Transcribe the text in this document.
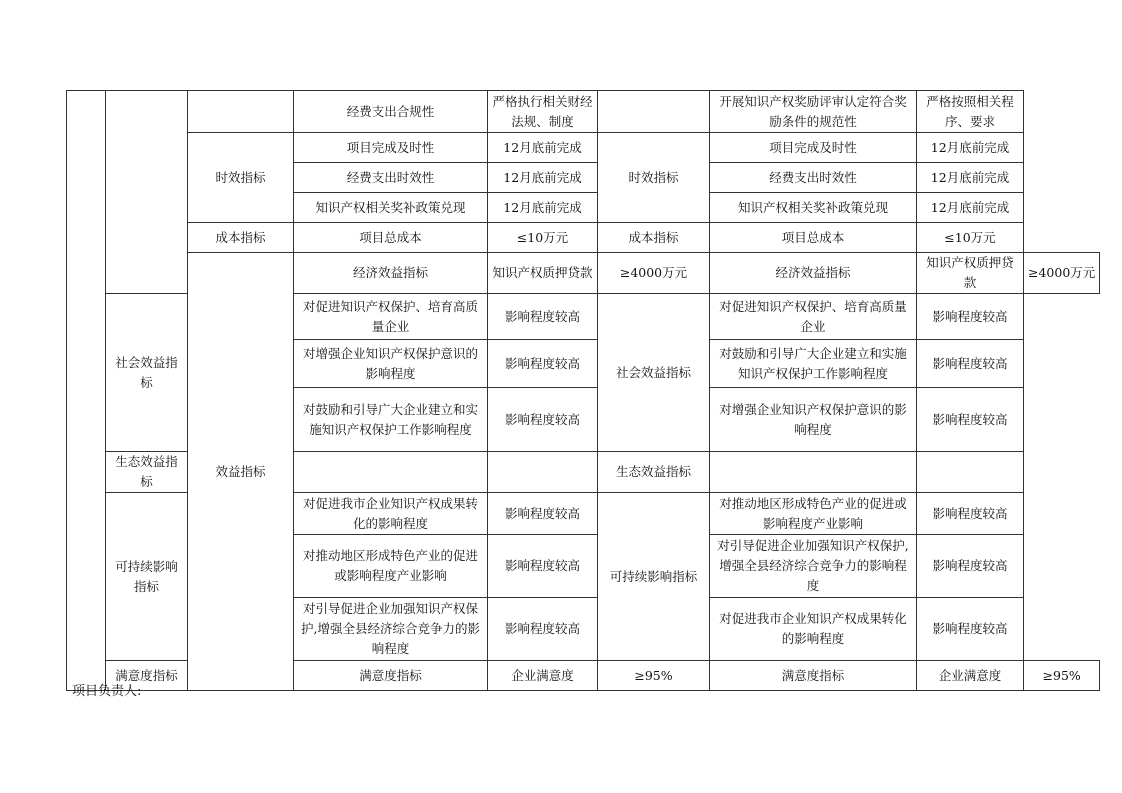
			经费支出合规性	严格执行相关财经法规、制度		开展知识产权奖励评审认定符合奖励条件的规范性	严格按照相关程序、要求	
		时效指标	项目完成及时性	12月底前完成	时效指标	项目完成及时性	12月底前完成	
			经费支出时效性	12月底前完成		经费支出时效性	12月底前完成	
			知识产权相关奖补政策兑现	12月底前完成		知识产权相关奖补政策兑现	12月底前完成	
		成本指标	项目总成本	≤10万元	成本指标	项目总成本	≤10万元	
		效益指标	经济效益指标	知识产权质押贷款	≥4000万元	经济效益指标	知识产权质押贷款	≥4000万元
	社会效益指标		对促进知识产权保护、培育高质量企业	影响程度较高	社会效益指标	对促进知识产权保护、培育高质量企业	影响程度较高	
			对增强企业知识产权保护意识的影响程度	影响程度较高		对鼓励和引导广大企业建立和实施知识产权保护工作影响程度	影响程度较高	
			对鼓励和引导广大企业建立和实施知识产权保护工作影响程度	影响程度较高		对增强企业知识产权保护意识的影响程度	影响程度较高	
	生态效益指标				生态效益指标			
	可持续影响指标		对促进我市企业知识产权成果转化的影响程度	影响程度较高	可持续影响指标	对推动地区形成特色产业的促进或影响程度产业影响	影响程度较高	
			对推动地区形成特色产业的促进或影响程度产业影响	影响程度较高		对引导促进企业加强知识产权保护,增强全县经济综合竞争力的影响程度	影响程度较高	
			对引导促进企业加强知识产权保护,增强全县经济综合竞争力的影响程度	影响程度较高		对促进我市企业知识产权成果转化的影响程度	影响程度较高	
	满意度指标		满意度指标	企业满意度	≥95%	满意度指标	企业满意度	≥95%
项目负责人:
